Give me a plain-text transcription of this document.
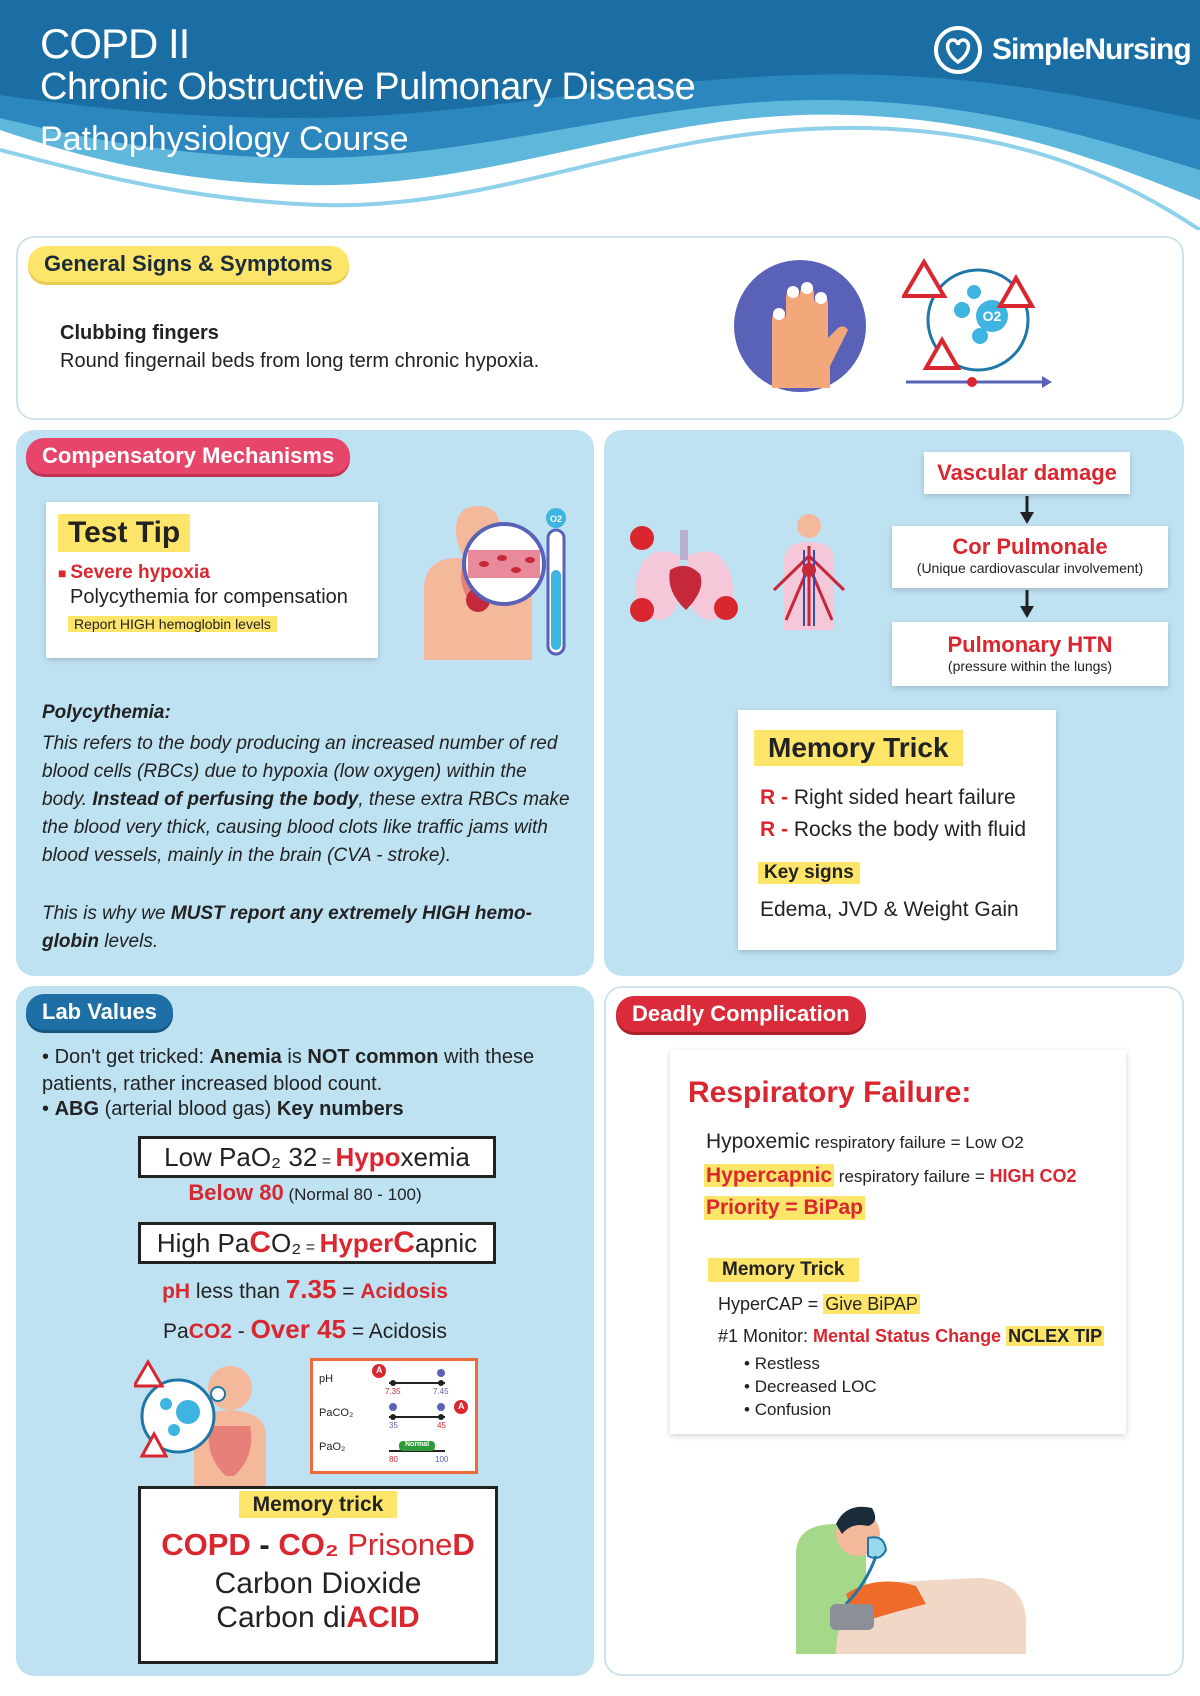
COPD II
Chronic Obstructive Pulmonary Disease
Pathophysiology Course
SimpleNursing
General Signs & Symptoms
Clubbing fingers
Round fingernail beds from long term chronic hypoxia.
O2
Compensatory Mechanisms
Test Tip
■ Severe hypoxia
Polycythemia for compensation
Report HIGH hemoglobin levels
O2
Polycythemia:
This refers to the body producing an increased number of red blood cells (RBCs) due to hypoxia (low oxygen) within the body. Instead of perfusing the body, these extra RBCs make the blood very thick, causing blood clots like traffic jams with blood vessels, mainly in the brain (CVA - stroke).
This is why we MUST report any extremely HIGH hemo-globin levels.
Vascular damage
Cor Pulmonale
(Unique cardiovascular involvement)
Pulmonary HTN
(pressure within the lungs)
Memory Trick
R - Right sided heart failure
R - Rocks the body with fluid
Key signs
Edema, JVD & Weight Gain
Lab Values
• Don't get tricked: Anemia is NOT common with these patients, rather increased blood count.
• ABG (arterial blood gas) Key numbers
Low PaO₂ 32 = Hypoxemia
Below 80 (Normal 80 - 100)
High PaCO₂ = HyperCapnic
pH less than 7.35 = Acidosis
PaCO2 - Over 45 = Acidosis
pH
PaCO₂
PaO₂
7.35	7.45
35	45
80	100
Normal
A
A
Memory trick
COPD - CO₂ PrisoneD
Carbon Dioxide
Carbon diACID
Deadly Complication
Respiratory Failure:
Hypoxemic respiratory failure = Low O2
Hypercapnic respiratory failure = HIGH CO2
Priority = BiPap
Memory Trick
HyperCAP = Give BiPAP
#1 Monitor: Mental Status Change NCLEX TIP
• Restless
• Decreased LOC
• Confusion
